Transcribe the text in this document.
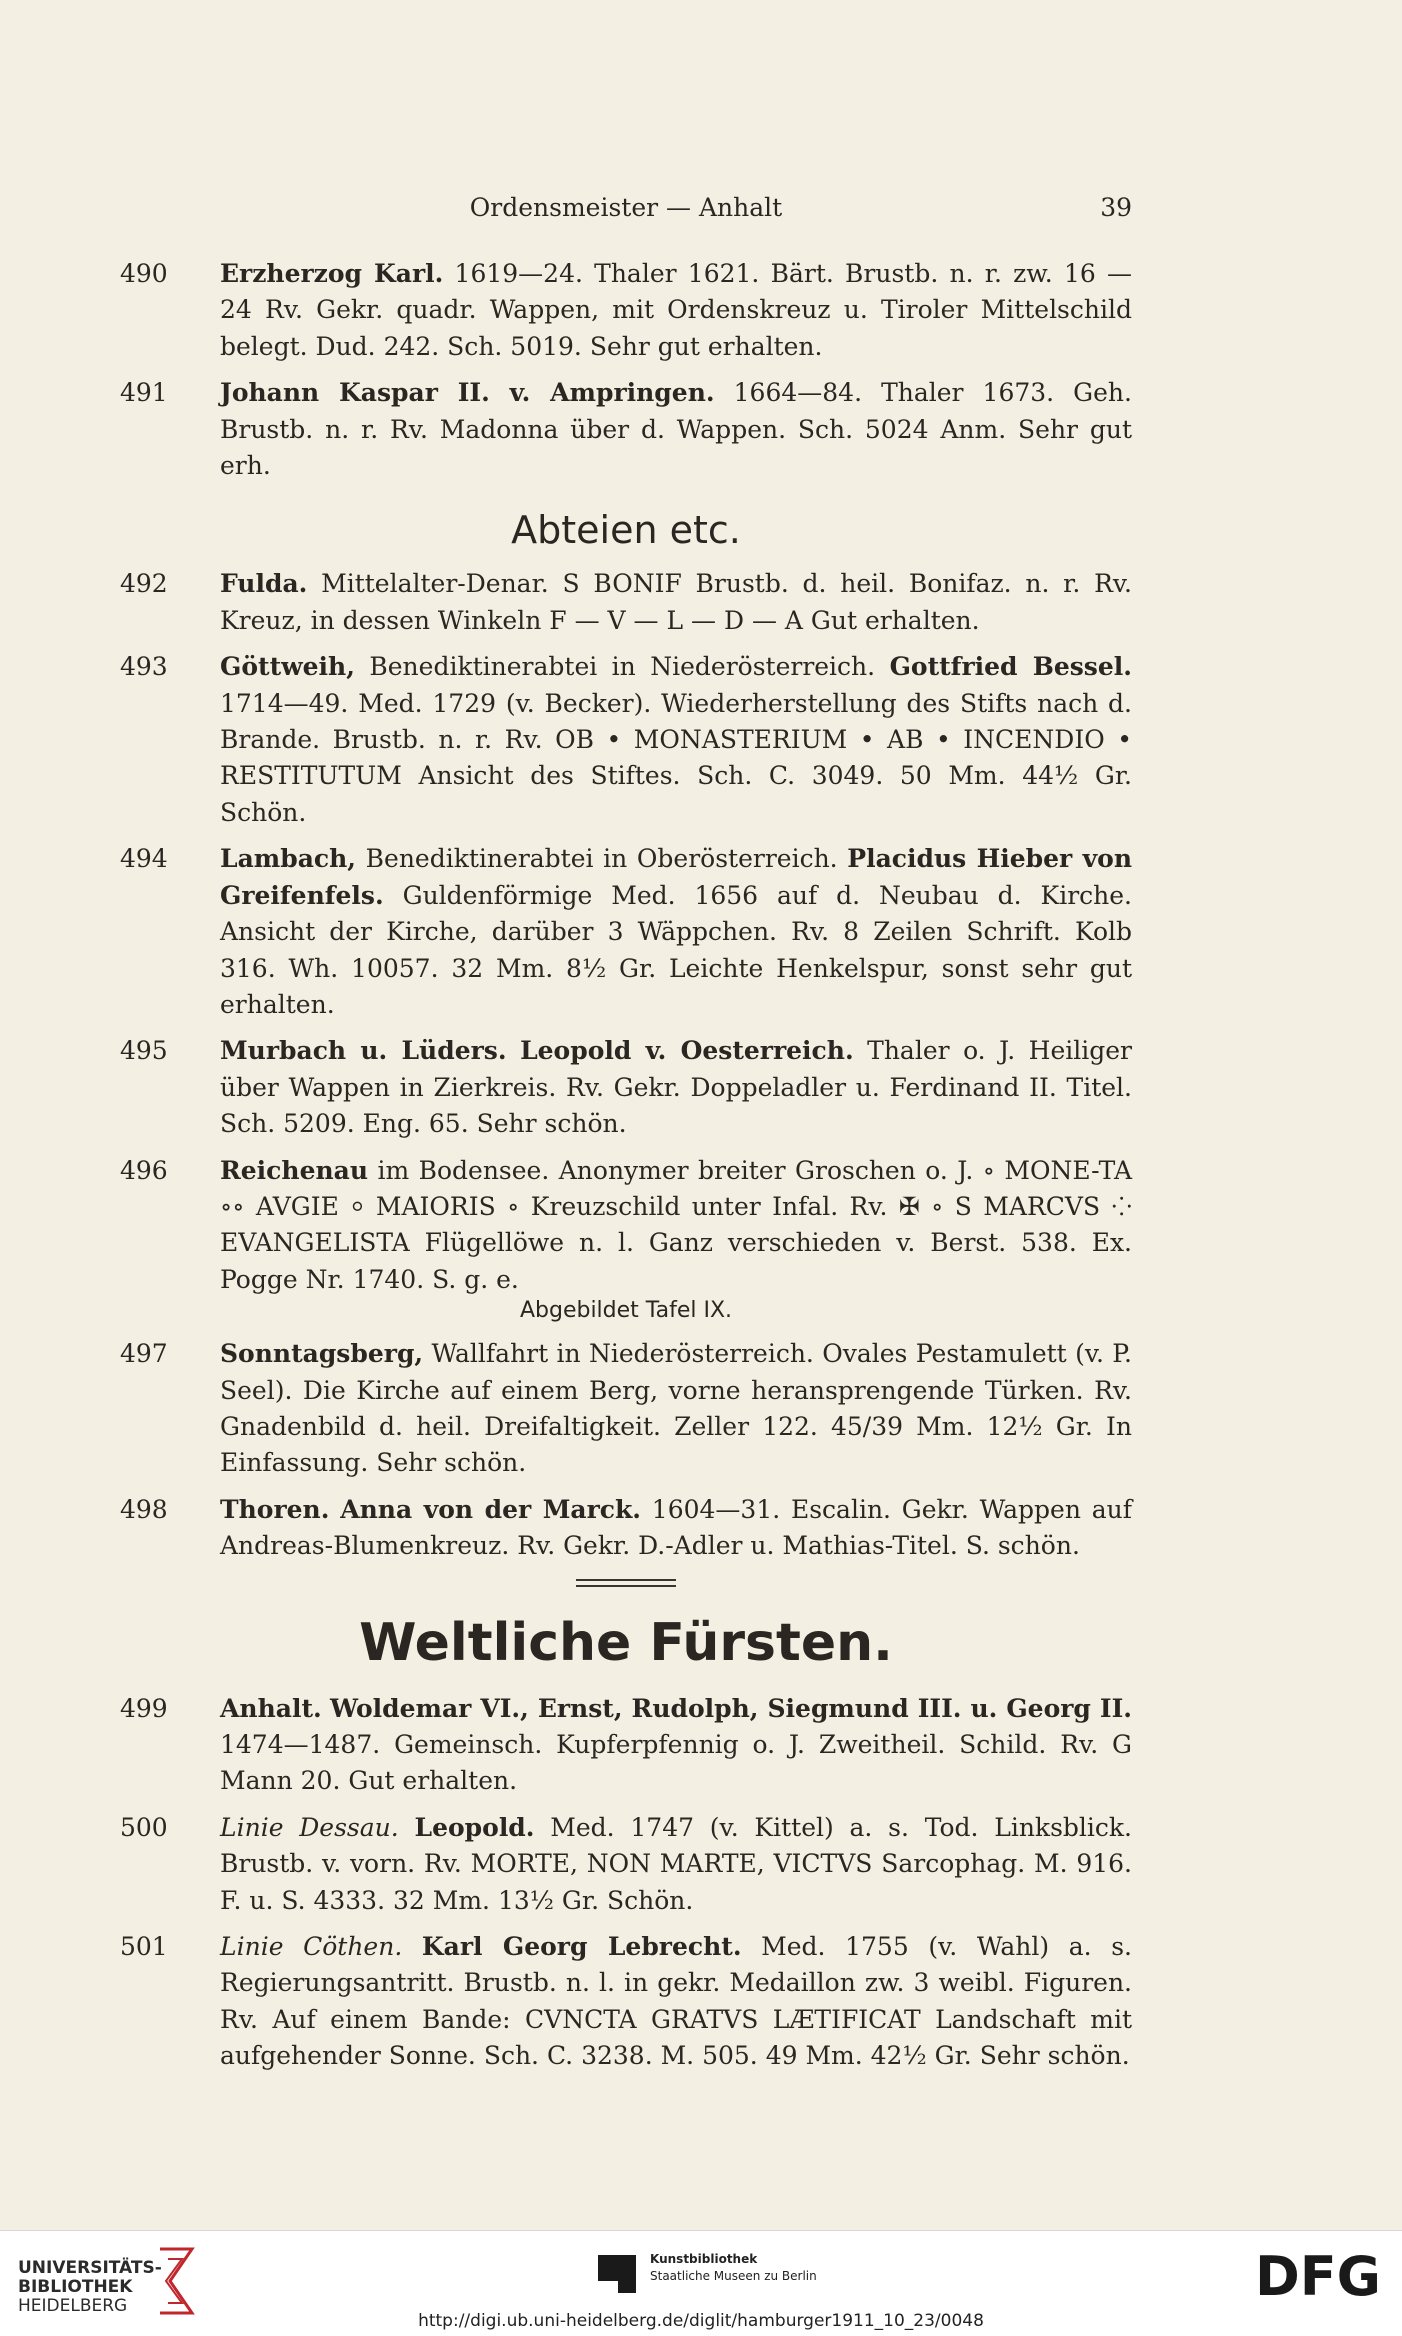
Ordensmeister — Anhalt	39
490 Erzherzog Karl. 1619—24. Thaler 1621. Bärt. Brustb. n. r. zw. 16 — 24 Rv. Gekr. quadr. Wappen, mit Ordenskreuz u. Tiroler Mittelschild belegt. Dud. 242. Sch. 5019. Sehr gut erhalten.
491 Johann Kaspar II. v. Ampringen. 1664—84. Thaler 1673. Geh. Brustb. n. r. Rv. Madonna über d. Wappen. Sch. 5024 Anm. Sehr gut erh.
Abteien etc.
492 Fulda. Mittelalter-Denar. S BONIF Brustb. d. heil. Bonifaz. n. r. Rv. Kreuz, in dessen Winkeln F — V — L — D — A Gut erhalten.
493 Göttweih, Benediktinerabtei in Niederösterreich. Gottfried Bessel. 1714—49. Med. 1729 (v. Becker). Wiederherstellung des Stifts nach d. Brande. Brustb. n. r. Rv. OB • MONASTERIUM • AB • INCENDIO • RESTITUTUM Ansicht des Stiftes. Sch. C. 3049. 50 Mm. 44½ Gr. Schön.
494 Lambach, Benediktinerabtei in Oberösterreich. Placidus Hieber von Greifenfels. Guldenförmige Med. 1656 auf d. Neubau d. Kirche. Ansicht der Kirche, darüber 3 Wäppchen. Rv. 8 Zeilen Schrift. Kolb 316. Wh. 10057. 32 Mm. 8½ Gr. Leichte Henkelspur, sonst sehr gut erhalten.
495 Murbach u. Lüders. Leopold v. Oesterreich. Thaler o. J. Heiliger über Wappen in Zierkreis. Rv. Gekr. Doppeladler u. Ferdinand II. Titel. Sch. 5209. Eng. 65. Sehr schön.
496 Reichenau im Bodensee. Anonymer breiter Groschen o. J. ∘ MONE-TA ∘∘ AVGIE ⸰ MAIORIS ∘ Kreuzschild unter Infal. Rv. ✠ ∘ S MARCVS ⁘ EVANGELISTA Flügellöwe n. l. Ganz verschieden v. Berst. 538. Ex. Pogge Nr. 1740. S. g. e.
Abgebildet Tafel IX.
497 Sonntagsberg, Wallfahrt in Niederösterreich. Ovales Pestamulett (v. P. Seel). Die Kirche auf einem Berg, vorne heransprengende Türken. Rv. Gnadenbild d. heil. Dreifaltigkeit. Zeller 122. 45/39 Mm. 12½ Gr. In Einfassung. Sehr schön.
498 Thoren. Anna von der Marck. 1604—31. Escalin. Gekr. Wappen auf Andreas-Blumenkreuz. Rv. Gekr. D.-Adler u. Mathias-Titel. S. schön.
Weltliche Fürsten.
499 Anhalt. Woldemar VI., Ernst, Rudolph, Siegmund III. u. Georg II. 1474—1487. Gemeinsch. Kupferpfennig o. J. Zweitheil. Schild. Rv. G Mann 20. Gut erhalten.
500 Linie Dessau. Leopold. Med. 1747 (v. Kittel) a. s. Tod. Linksblick. Brustb. v. vorn. Rv. MORTE, NON MARTE, VICTVS Sarcophag. M. 916. F. u. S. 4333. 32 Mm. 13½ Gr. Schön.
501 Linie Cöthen. Karl Georg Lebrecht. Med. 1755 (v. Wahl) a. s. Regierungsantritt. Brustb. n. l. in gekr. Medaillon zw. 3 weibl. Figuren. Rv. Auf einem Bande: CVNCTA GRATVS LÆTIFICAT Landschaft mit aufgehender Sonne. Sch. C. 3238. M. 505. 49 Mm. 42½ Gr. Sehr schön.
UNIVERSITÄTS-
BIBLIOTHEK
HEIDELBERG
Kunstbibliothek
Staatliche Museen zu Berlin	DFG
http://digi.ub.uni-heidelberg.de/diglit/hamburger1911_10_23/0048
